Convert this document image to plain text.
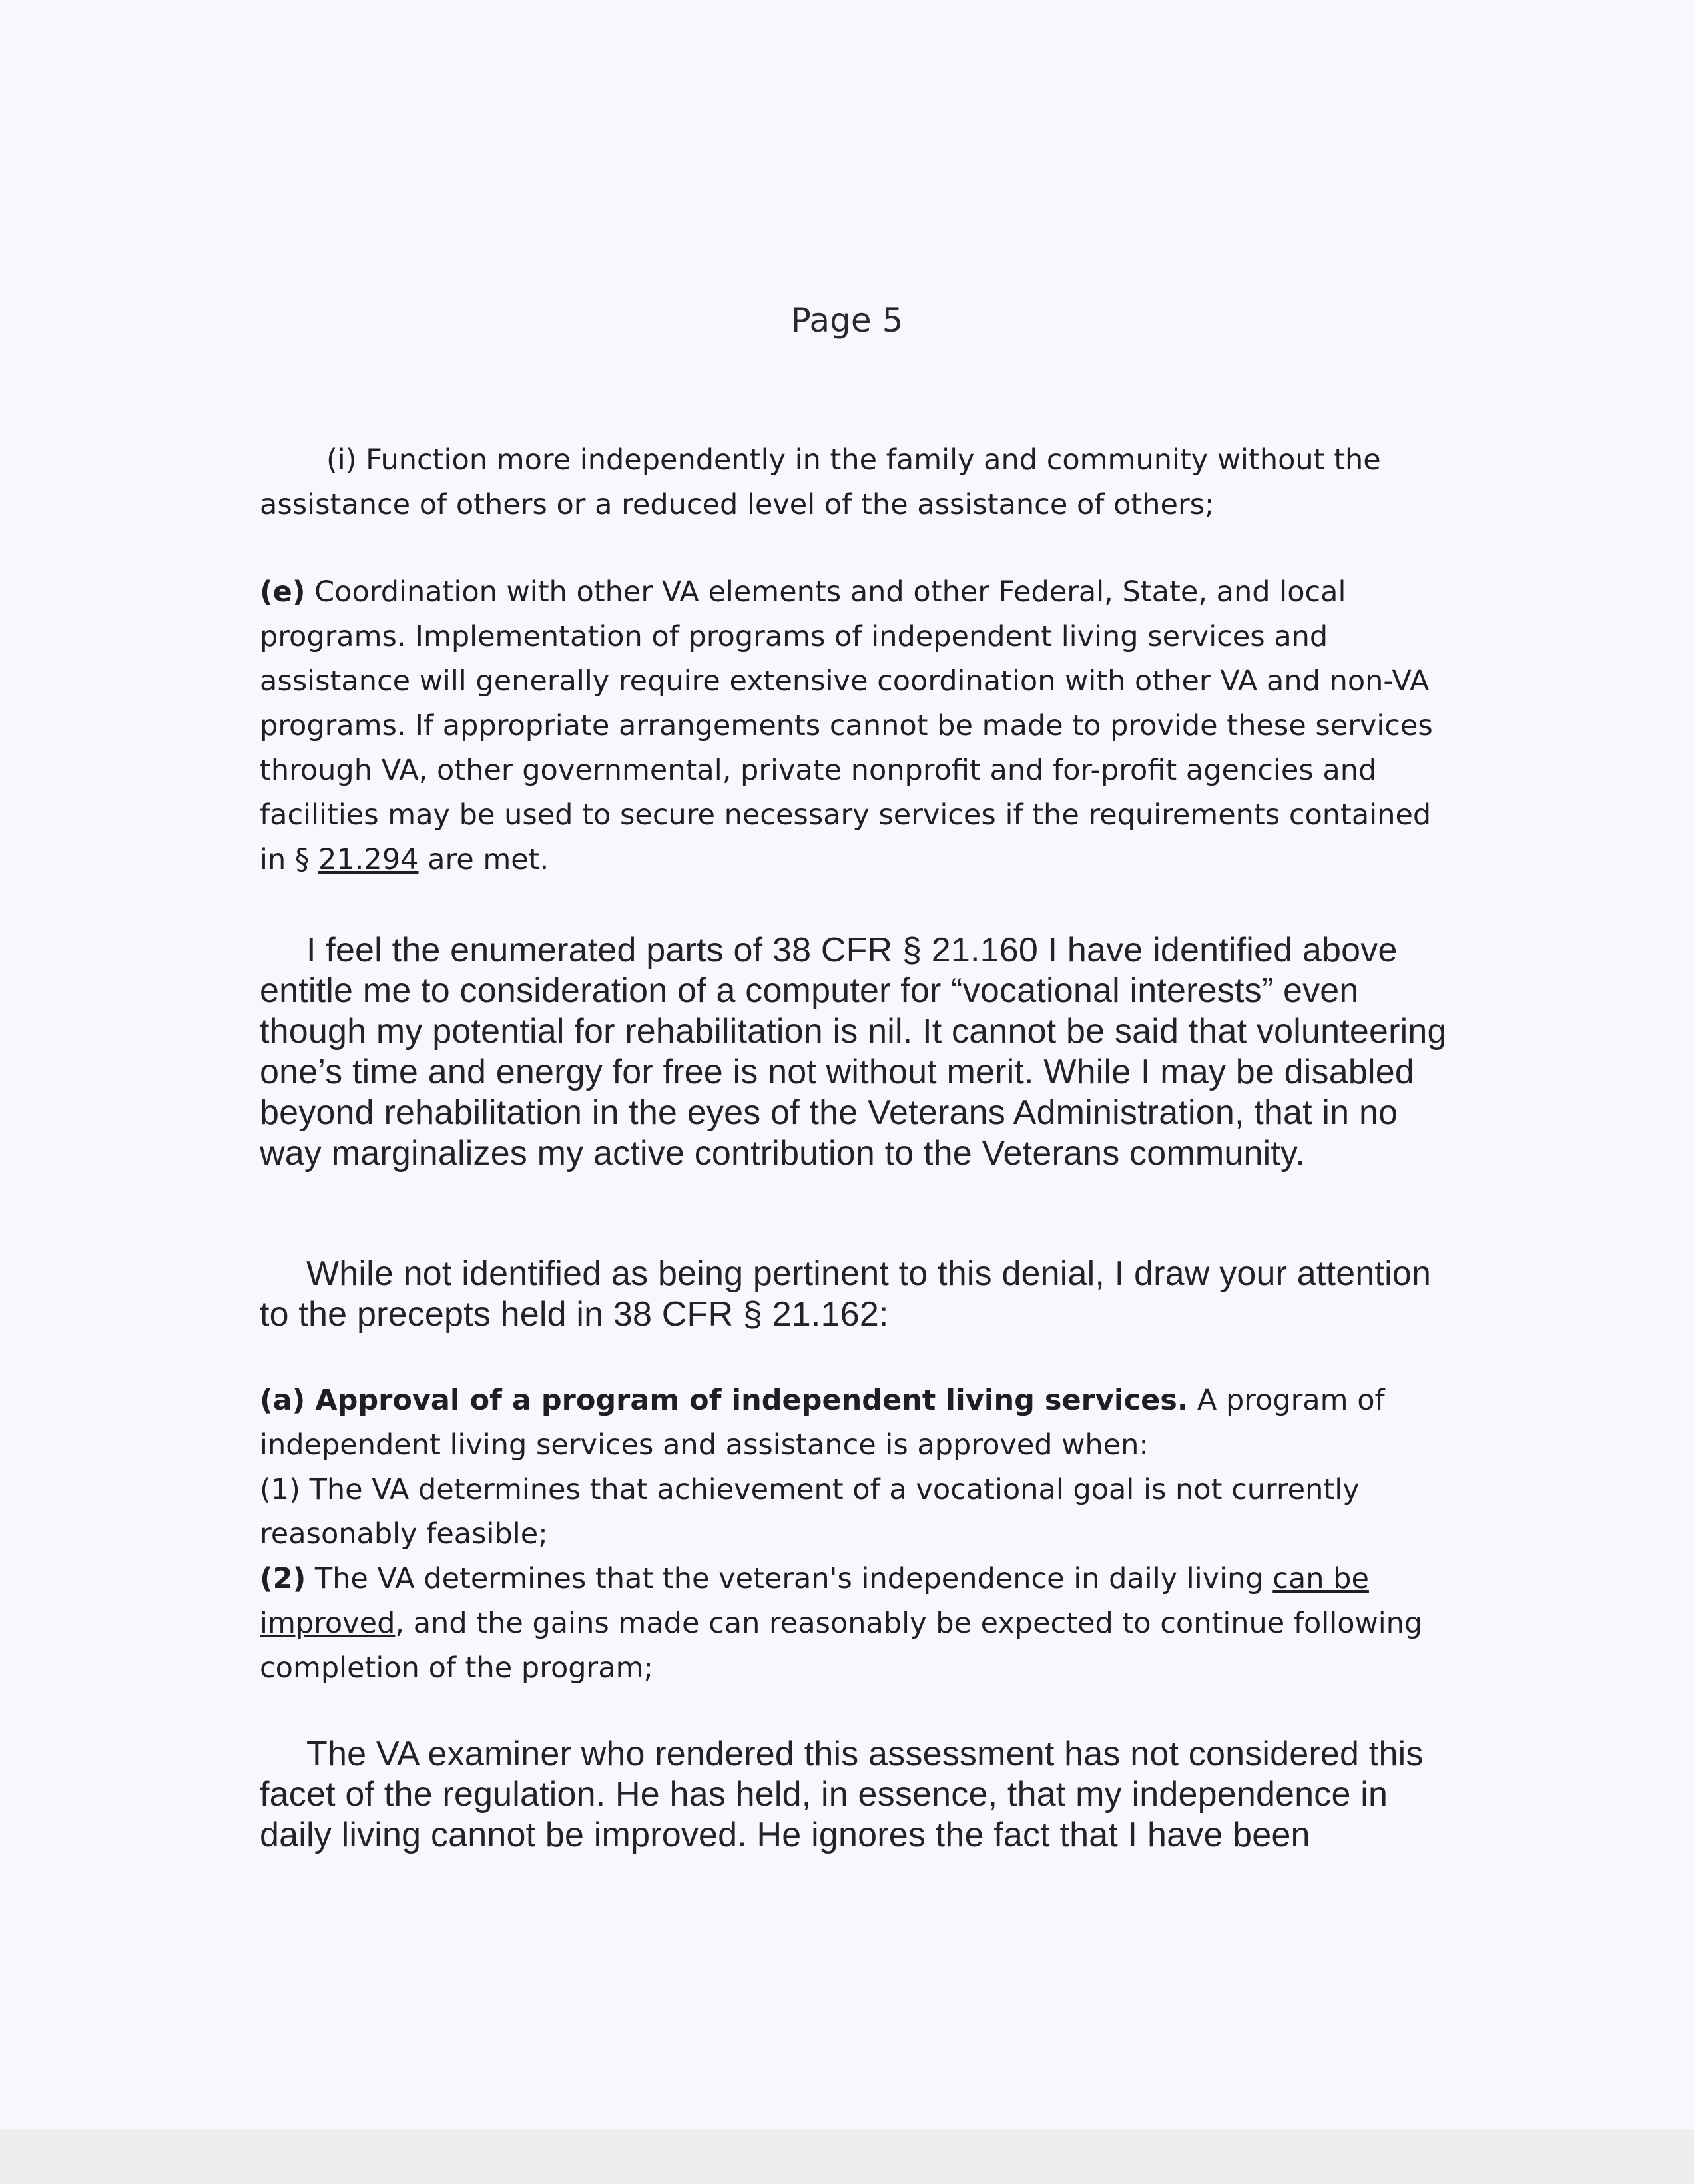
Page 5

(i) Function more independently in the family and community without the assistance of others or a reduced level of the assistance of others;

(e) Coordination with other VA elements and other Federal, State, and local programs. Implementation of programs of independent living services and assistance will generally require extensive coordination with other VA and non-VA programs. If appropriate arrangements cannot be made to provide these services through VA, other governmental, private nonprofit and for-profit agencies and facilities may be used to secure necessary services if the requirements contained in § 21.294 are met.

I feel the enumerated parts of 38 CFR § 21.160 I have identified above entitle me to consideration of a computer for “vocational interests” even though my potential for rehabilitation is nil. It cannot be said that volunteering one’s time and energy for free is not without merit. While I may be disabled beyond rehabilitation in the eyes of the Veterans Administration, that in no way marginalizes my active contribution to the Veterans community.

While not identified as being pertinent to this denial, I draw your attention to the precepts held in 38 CFR § 21.162:

(a) Approval of a program of independent living services. A program of independent living services and assistance is approved when:
(1) The VA determines that achievement of a vocational goal is not currently reasonably feasible;
(2) The VA determines that the veteran's independence in daily living can be improved, and the gains made can reasonably be expected to continue following completion of the program;

The VA examiner who rendered this assessment has not considered this facet of the regulation. He has held, in essence, that my independence in daily living cannot be improved. He ignores the fact that I have been
